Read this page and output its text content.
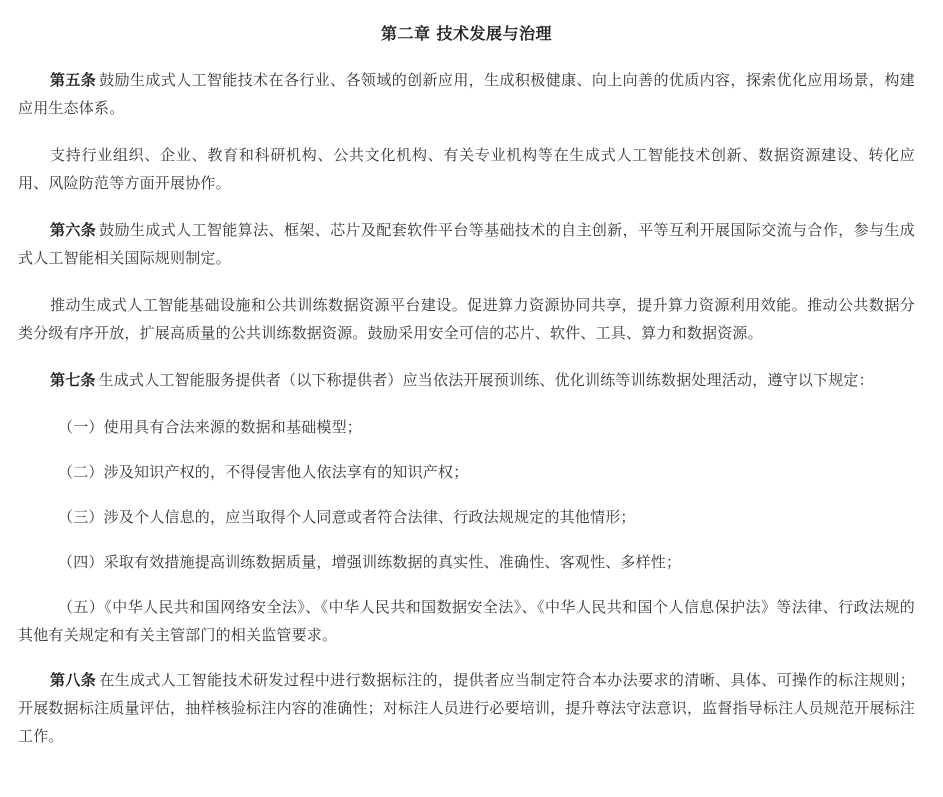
第二章 技术发展与治理

第五条 鼓励生成式人工智能技术在各行业、各领域的创新应用，生成积极健康、向上向善的优质内容，探索优化应用场景，构建应用生态体系。

支持行业组织、企业、教育和科研机构、公共文化机构、有关专业机构等在生成式人工智能技术创新、数据资源建设、转化应用、风险防范等方面开展协作。

第六条 鼓励生成式人工智能算法、框架、芯片及配套软件平台等基础技术的自主创新，平等互利开展国际交流与合作，参与生成式人工智能相关国际规则制定。

推动生成式人工智能基础设施和公共训练数据资源平台建设。促进算力资源协同共享，提升算力资源利用效能。推动公共数据分类分级有序开放，扩展高质量的公共训练数据资源。鼓励采用安全可信的芯片、软件、工具、算力和数据资源。

第七条 生成式人工智能服务提供者（以下称提供者）应当依法开展预训练、优化训练等训练数据处理活动，遵守以下规定：

（一）使用具有合法来源的数据和基础模型；

（二）涉及知识产权的，不得侵害他人依法享有的知识产权；

（三）涉及个人信息的，应当取得个人同意或者符合法律、行政法规规定的其他情形；

（四）采取有效措施提高训练数据质量，增强训练数据的真实性、准确性、客观性、多样性；

（五）《中华人民共和国网络安全法》、《中华人民共和国数据安全法》、《中华人民共和国个人信息保护法》等法律、行政法规的其他有关规定和有关主管部门的相关监管要求。

第八条 在生成式人工智能技术研发过程中进行数据标注的，提供者应当制定符合本办法要求的清晰、具体、可操作的标注规则；开展数据标注质量评估，抽样核验标注内容的准确性；对标注人员进行必要培训，提升尊法守法意识，监督指导标注人员规范开展标注工作。
